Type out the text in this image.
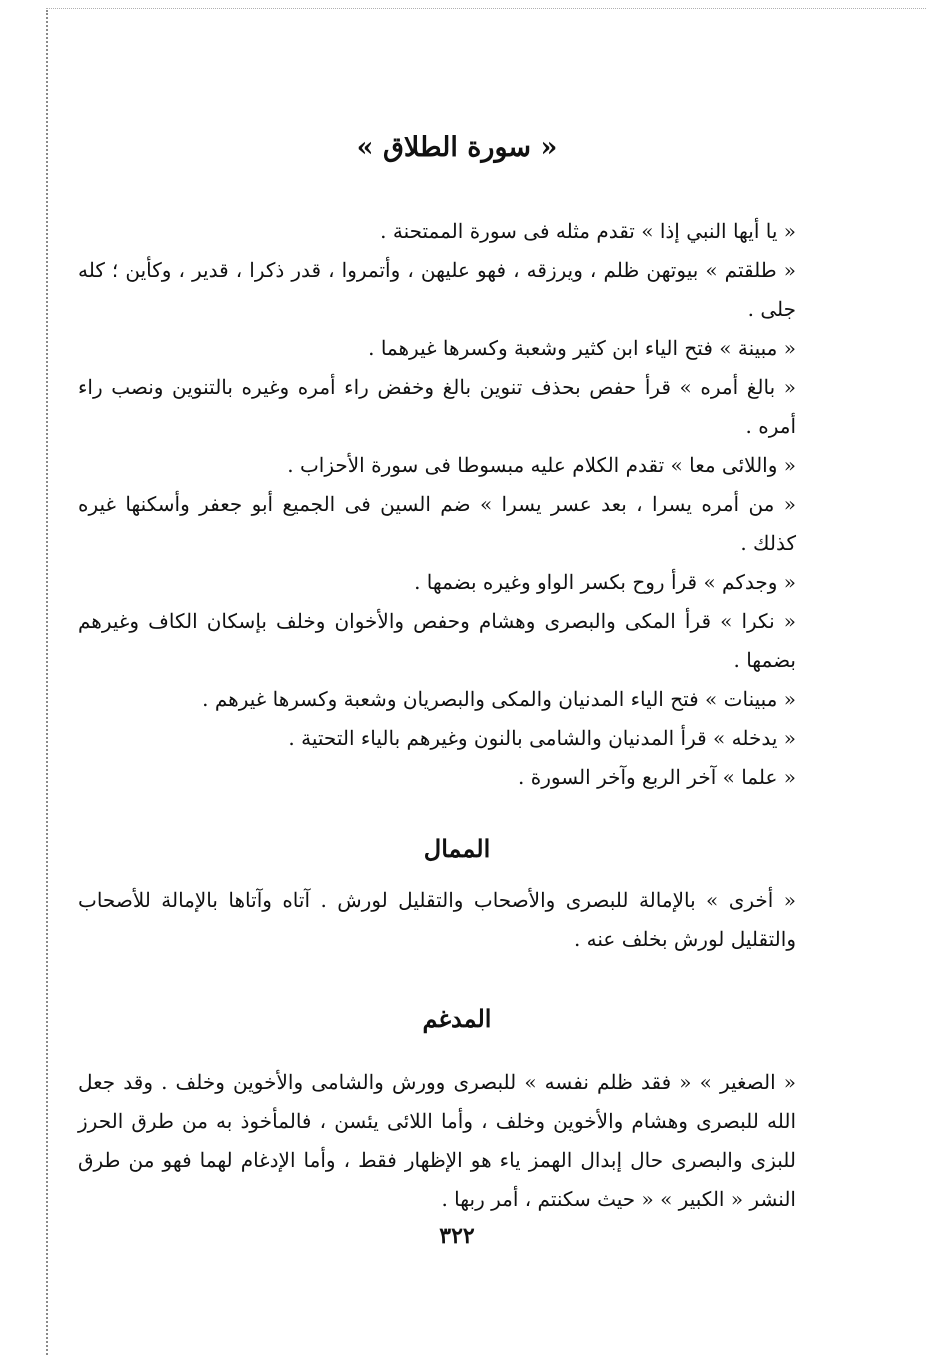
« سورة الطلاق »

« يا أيها النبي إذا » تقدم مثله فى سورة الممتحنة .

« طلقتم » بيوتهن ظلم ، ويرزقه ، فهو عليهن ، وأتمروا ، قدر ذكرا ، قدير ، وكأين ؛ كله جلى .

« مبينة » فتح الياء ابن كثير وشعبة وكسرها غيرهما .

« بالغ أمره » قرأ حفص بحذف تنوين بالغ وخفض راء أمره وغيره بالتنوين ونصب راء أمره .

« واللائى معا » تقدم الكلام عليه مبسوطا فى سورة الأحزاب .

« من أمره يسرا ، بعد عسر يسرا » ضم السين فى الجميع أبو جعفر وأسكنها غيره كذلك .

« وجدكم » قرأ روح بكسر الواو وغيره بضمها .

« نكرا » قرأ المكى والبصرى وهشام وحفص والأخوان وخلف بإسكان الكاف وغيرهم بضمها .

« مبينات » فتح الياء المدنيان والمكى والبصريان وشعبة وكسرها غيرهم .

« يدخله » قرأ المدنيان والشامى بالنون وغيرهم بالياء التحتية .

« علما » آخر الربع وآخر السورة .

الممال

« أخرى » بالإمالة للبصرى والأصحاب والتقليل لورش . آتاه وآتاها بالإمالة للأصحاب والتقليل لورش بخلف عنه .

المدغم

« الصغير » « فقد ظلم نفسه » للبصرى وورش والشامى والأخوين وخلف . وقد جعل الله للبصرى وهشام والأخوين وخلف ، وأما اللائى يئسن ، فالمأخوذ به من طرق الحرز للبزى والبصرى حال إبدال الهمز ياء هو الإظهار فقط ، وأما الإدغام لهما فهو من طرق النشر « الكبير » « حيث سكنتم ، أمر ربها .

٣٢٢
